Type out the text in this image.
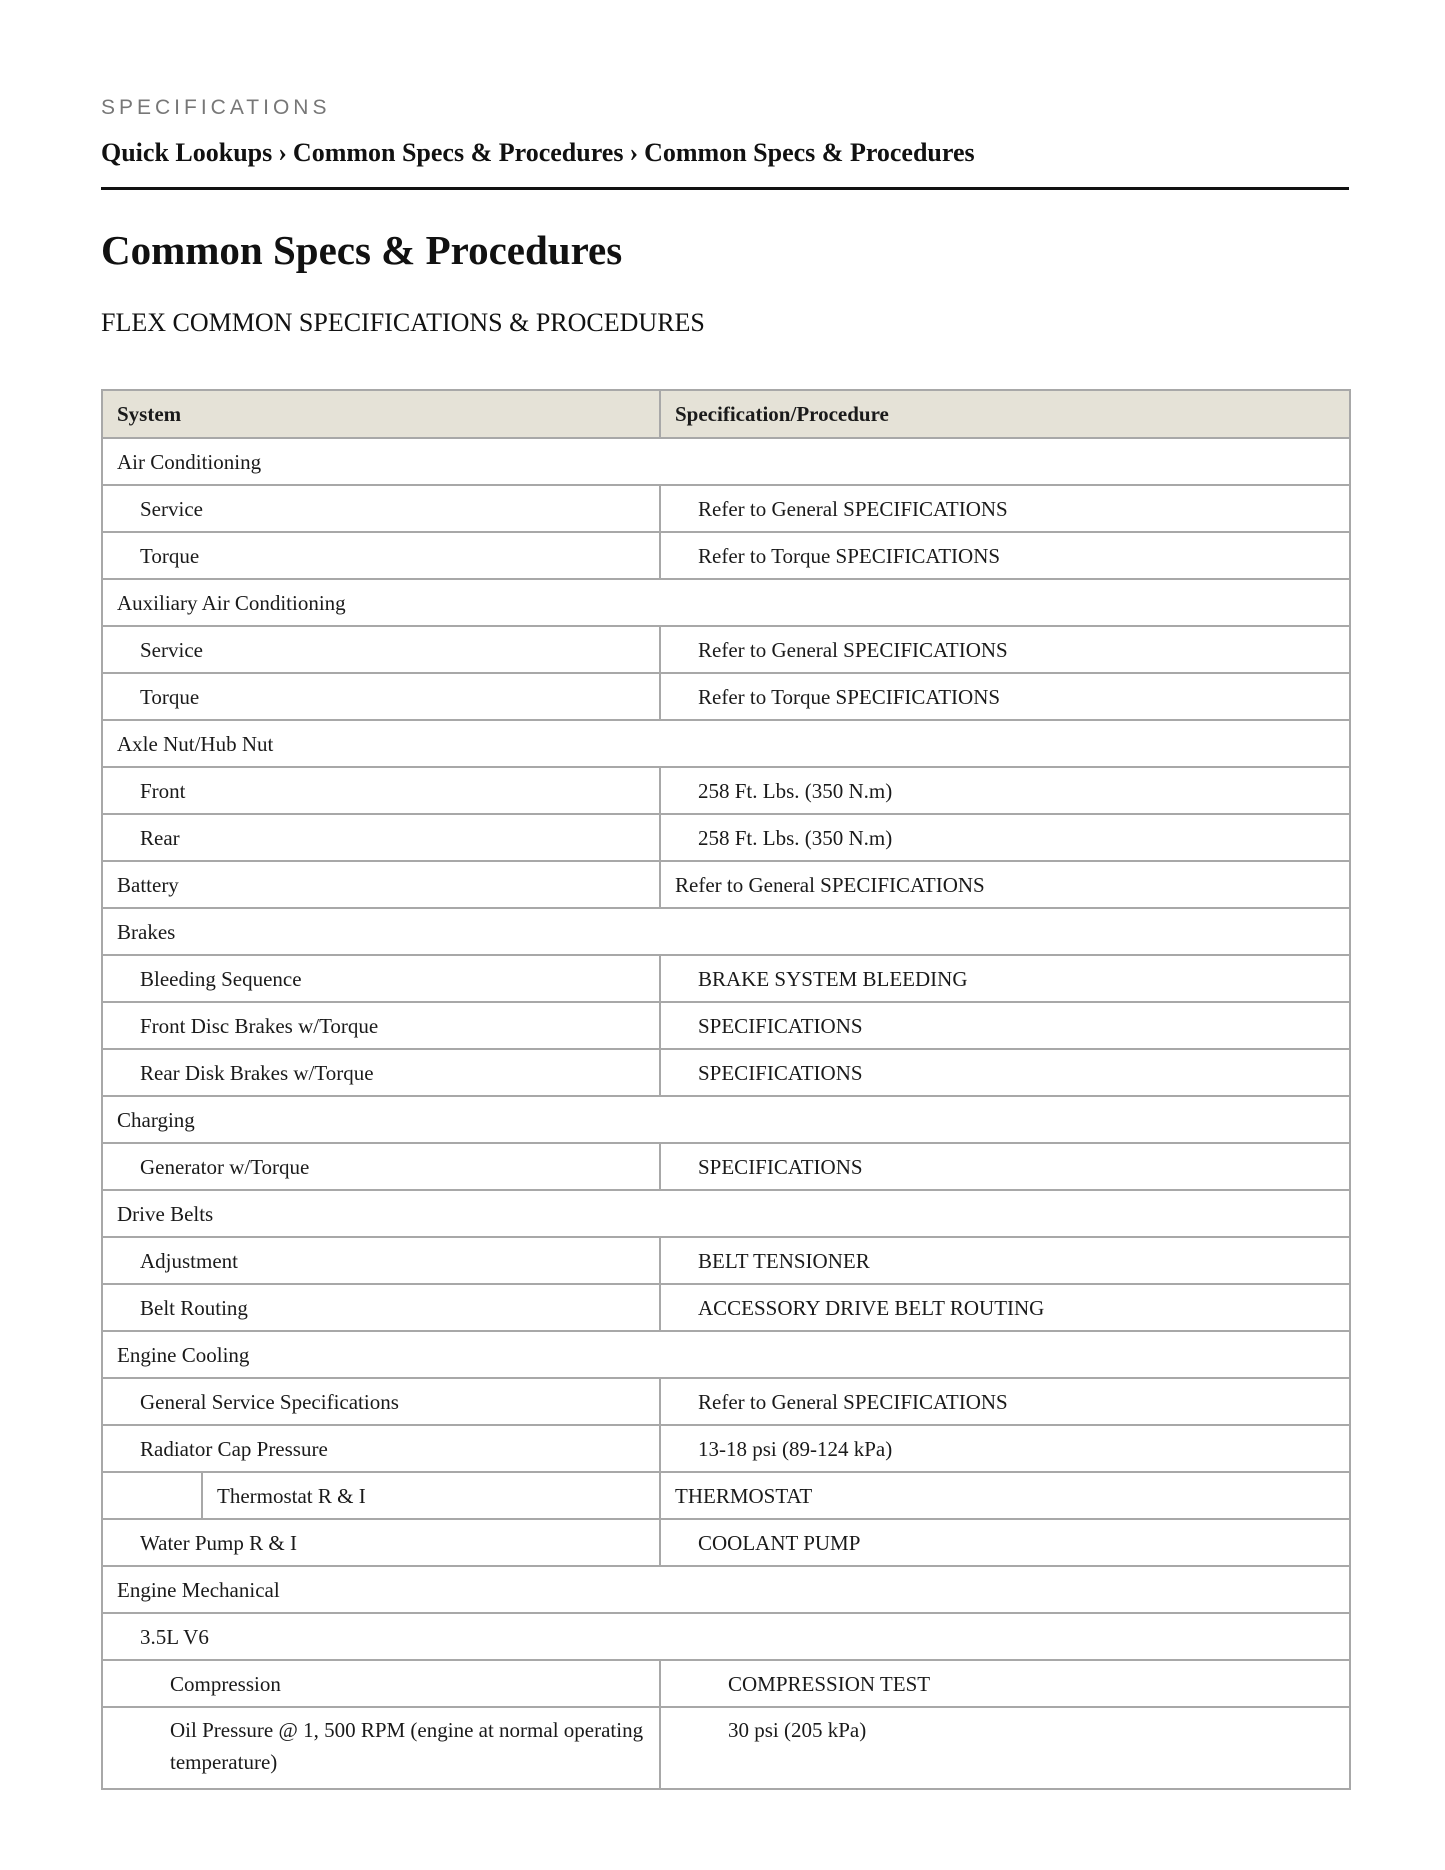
SPECIFICATIONS
Quick Lookups › Common Specs & Procedures › Common Specs & Procedures
Common Specs & Procedures
FLEX COMMON SPECIFICATIONS & PROCEDURES
System	Specification/Procedure
Air Conditioning	
Service	Refer to General SPECIFICATIONS
Torque	Refer to Torque SPECIFICATIONS
Auxiliary Air Conditioning	
Service	Refer to General SPECIFICATIONS
Torque	Refer to Torque SPECIFICATIONS
Axle Nut/Hub Nut	
Front	258 Ft. Lbs. (350 N.m)
Rear	258 Ft. Lbs. (350 N.m)
Battery	Refer to General SPECIFICATIONS
Brakes	
Bleeding Sequence	BRAKE SYSTEM BLEEDING
Front Disc Brakes w/Torque	SPECIFICATIONS
Rear Disk Brakes w/Torque	SPECIFICATIONS
Charging	
Generator w/Torque	SPECIFICATIONS
Drive Belts	
Adjustment	BELT TENSIONER
Belt Routing	ACCESSORY DRIVE BELT ROUTING
Engine Cooling	
General Service Specifications	Refer to General SPECIFICATIONS
Radiator Cap Pressure	13-18 psi (89-124 kPa)

Thermostat R & I	THERMOSTAT
Water Pump R & I	COOLANT PUMP
Engine Mechanical	
3.5L V6	
Compression	COMPRESSION TEST
Oil Pressure @ 1, 500 RPM (engine at normal operating temperature)	30 psi (205 kPa)
